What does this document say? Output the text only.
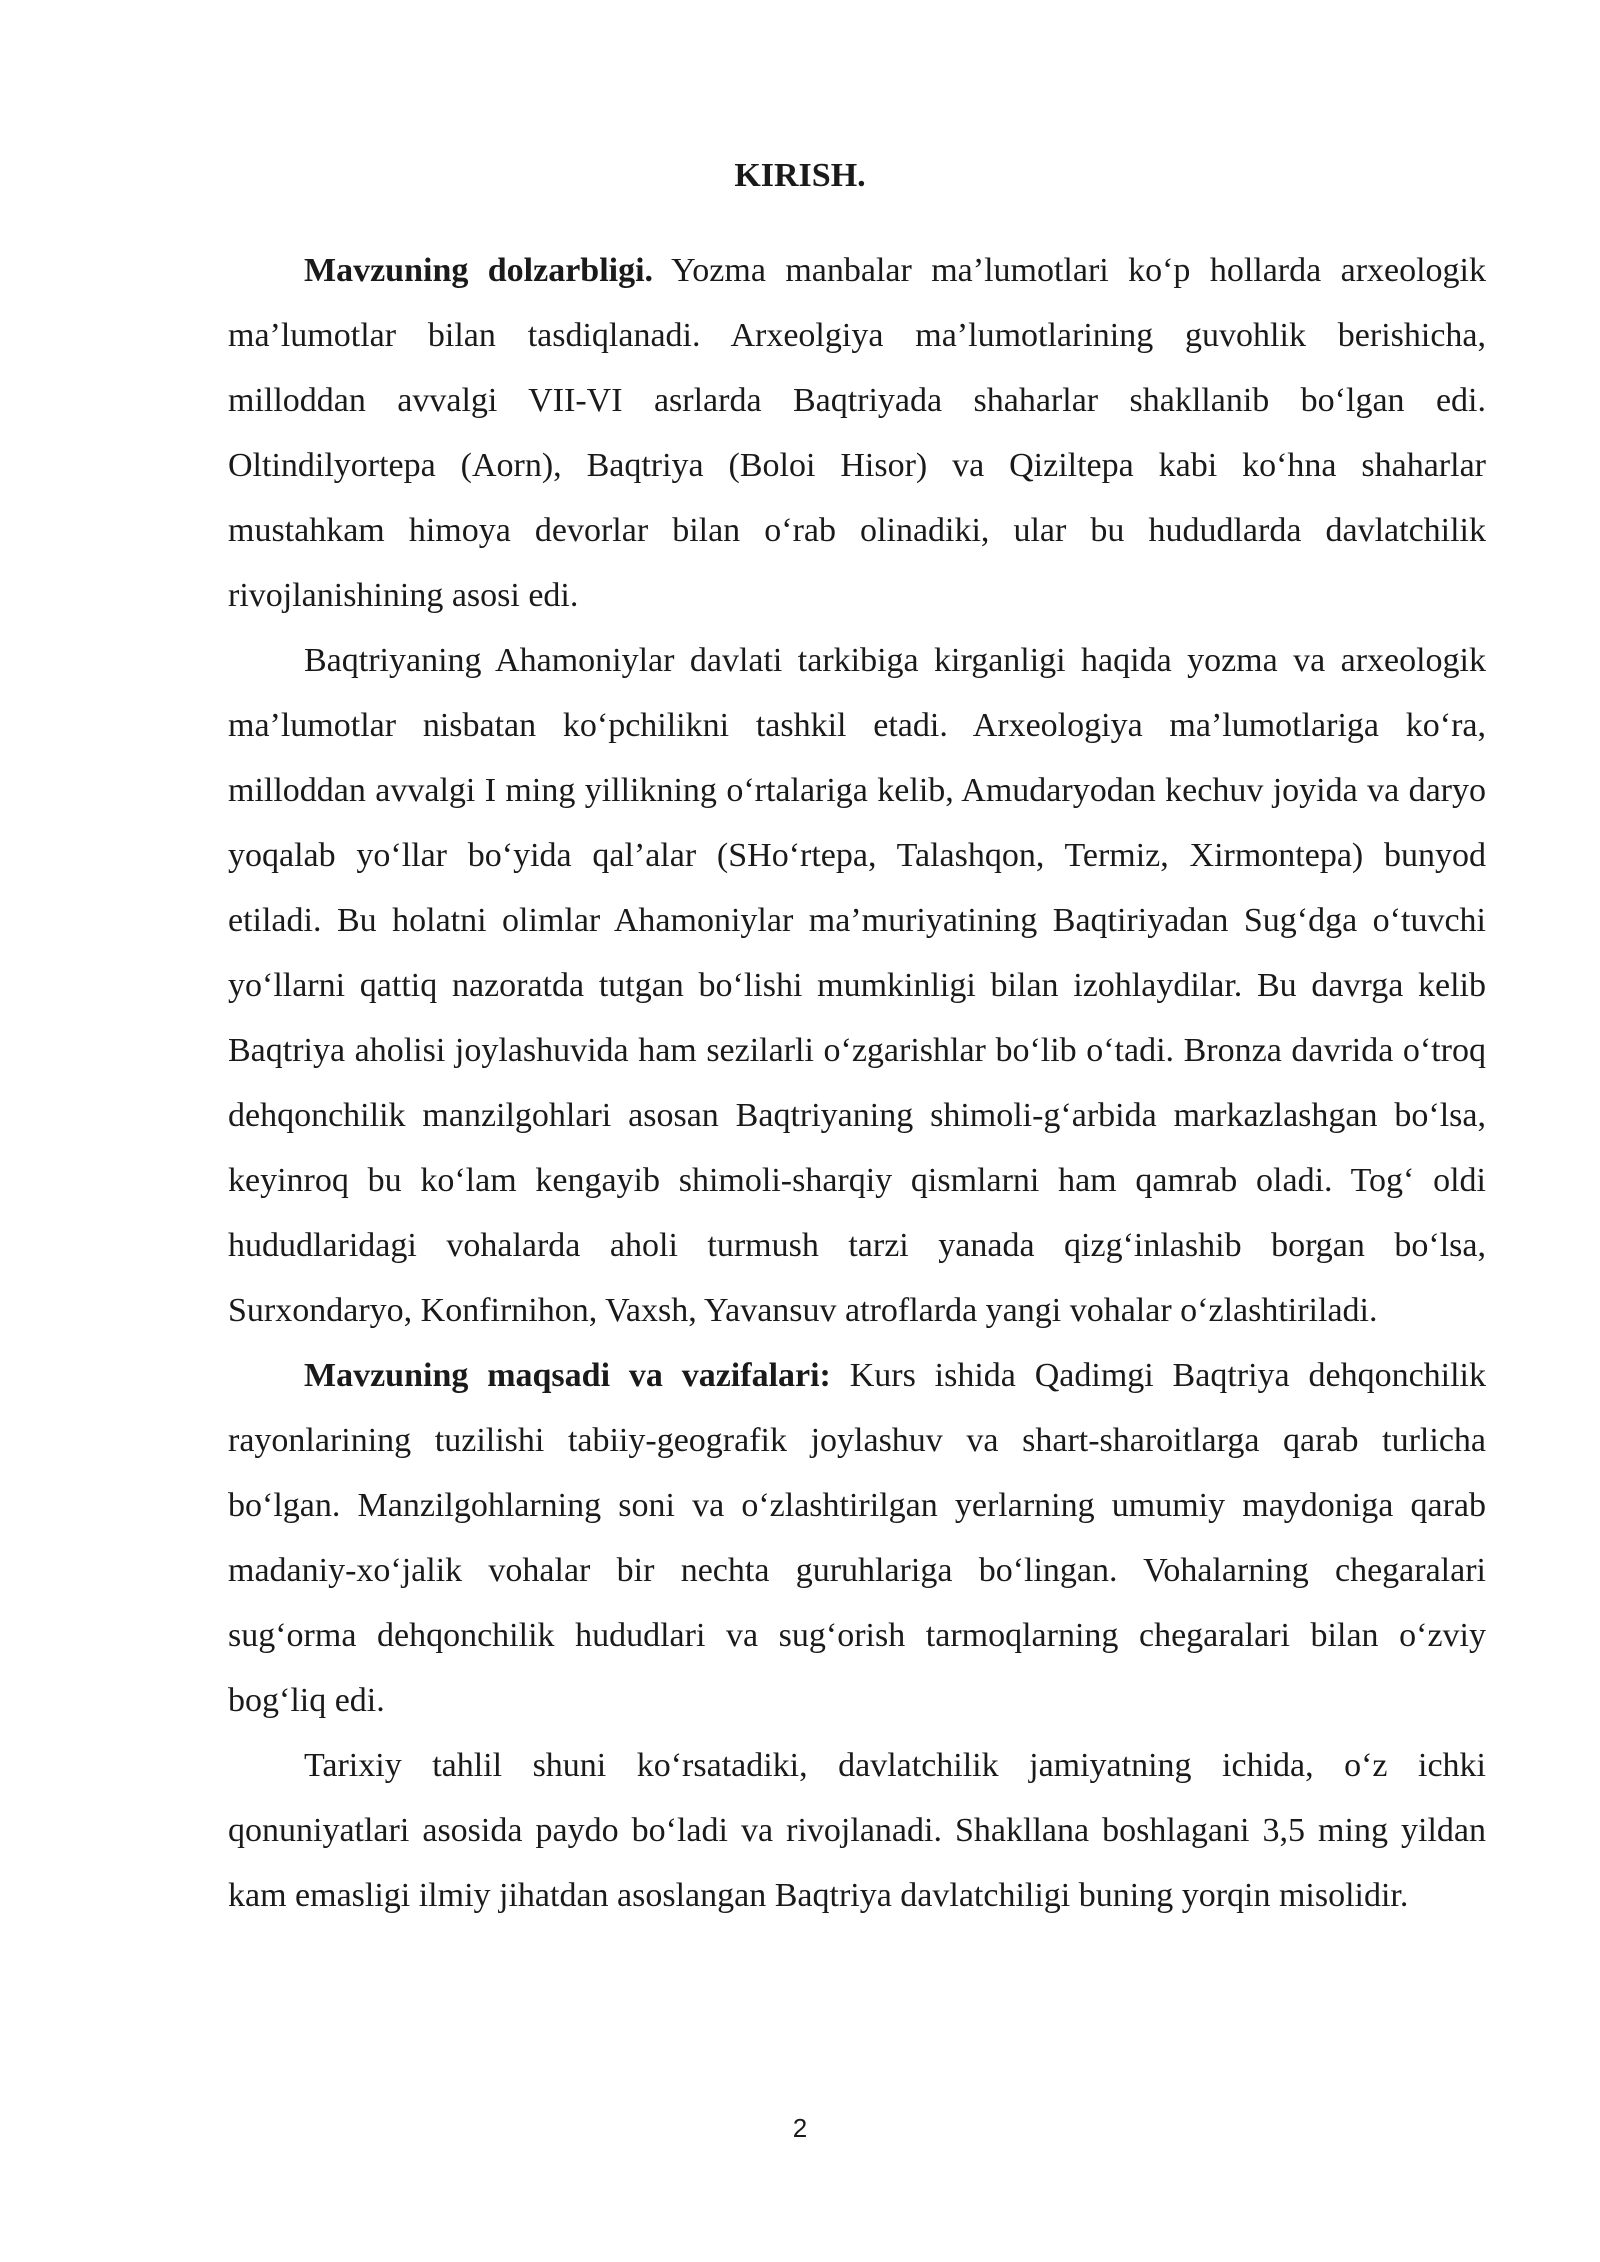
KIRISH.

Mavzuning dolzarbligi. Yozma manbalar ma’lumotlari ko‘p hollarda arxeologik ma’lumotlar bilan tasdiqlanadi. Arxeolgiya ma’lumotlarining guvohlik berishicha, milloddan avvalgi VII-VI asrlarda Baqtriyada shaharlar shakllanib bo‘lgan edi. Oltindilyortepa (Aorn), Baqtriya (Boloi Hisor) va Qiziltepa kabi ko‘hna shaharlar mustahkam himoya devorlar bilan o‘rab olinadiki, ular bu hududlarda davlatchilik rivojlanishining asosi edi.

Baqtriyaning Ahamoniylar davlati tarkibiga kirganligi haqida yozma va arxeologik ma’lumotlar nisbatan ko‘pchilikni tashkil etadi. Arxeologiya ma’lumotlariga ko‘ra, milloddan avvalgi I ming yillikning o‘rtalariga kelib, Amudaryodan kechuv joyida va daryo yoqalab yo‘llar bo‘yida qal’alar (SHo‘rtepa, Talashqon, Termiz, Xirmontepa) bunyod etiladi. Bu holatni olimlar Ahamoniylar ma’muriyatining Baqtiriyadan Sug‘dga o‘tuvchi yo‘llarni qattiq nazoratda tutgan bo‘lishi mumkinligi bilan izohlaydilar. Bu davrga kelib Baqtriya aholisi joylashuvida ham sezilarli o‘zgarishlar bo‘lib o‘tadi. Bronza davrida o‘troq dehqonchilik manzilgohlari asosan Baqtriyaning shimoli-g‘arbida markazlashgan bo‘lsa, keyinroq bu ko‘lam kengayib shimoli-sharqiy qismlarni ham qamrab oladi. Tog‘ oldi hududlaridagi vohalarda aholi turmush tarzi yanada qizg‘inlashib borgan bo‘lsa, Surxondaryo, Konfirnihon, Vaxsh, Yavansuv atroflarda yangi vohalar o‘zlashtiriladi.

Mavzuning maqsadi va vazifalari: Kurs ishida Qadimgi Baqtriya dehqonchilik rayonlarining tuzilishi tabiiy-geografik joylashuv va shart-sharoitlarga qarab turlicha bo‘lgan. Manzilgohlarning soni va o‘zlashtirilgan yerlarning umumiy maydoniga qarab madaniy-xo‘jalik vohalar bir nechta guruhlariga bo‘lingan. Vohalarning chegaralari sug‘orma dehqonchilik hududlari va sug‘orish tarmoqlarning chegaralari bilan o‘zviy bog‘liq edi.

Tarixiy tahlil shuni ko‘rsatadiki, davlatchilik jamiyatning ichida, o‘z ichki qonuniyatlari asosida paydo bo‘ladi va rivojlanadi. Shakllana boshlagani 3,5 ming yildan kam emasligi ilmiy jihatdan asoslangan Baqtriya davlatchiligi buning yorqin misolidir.

2
